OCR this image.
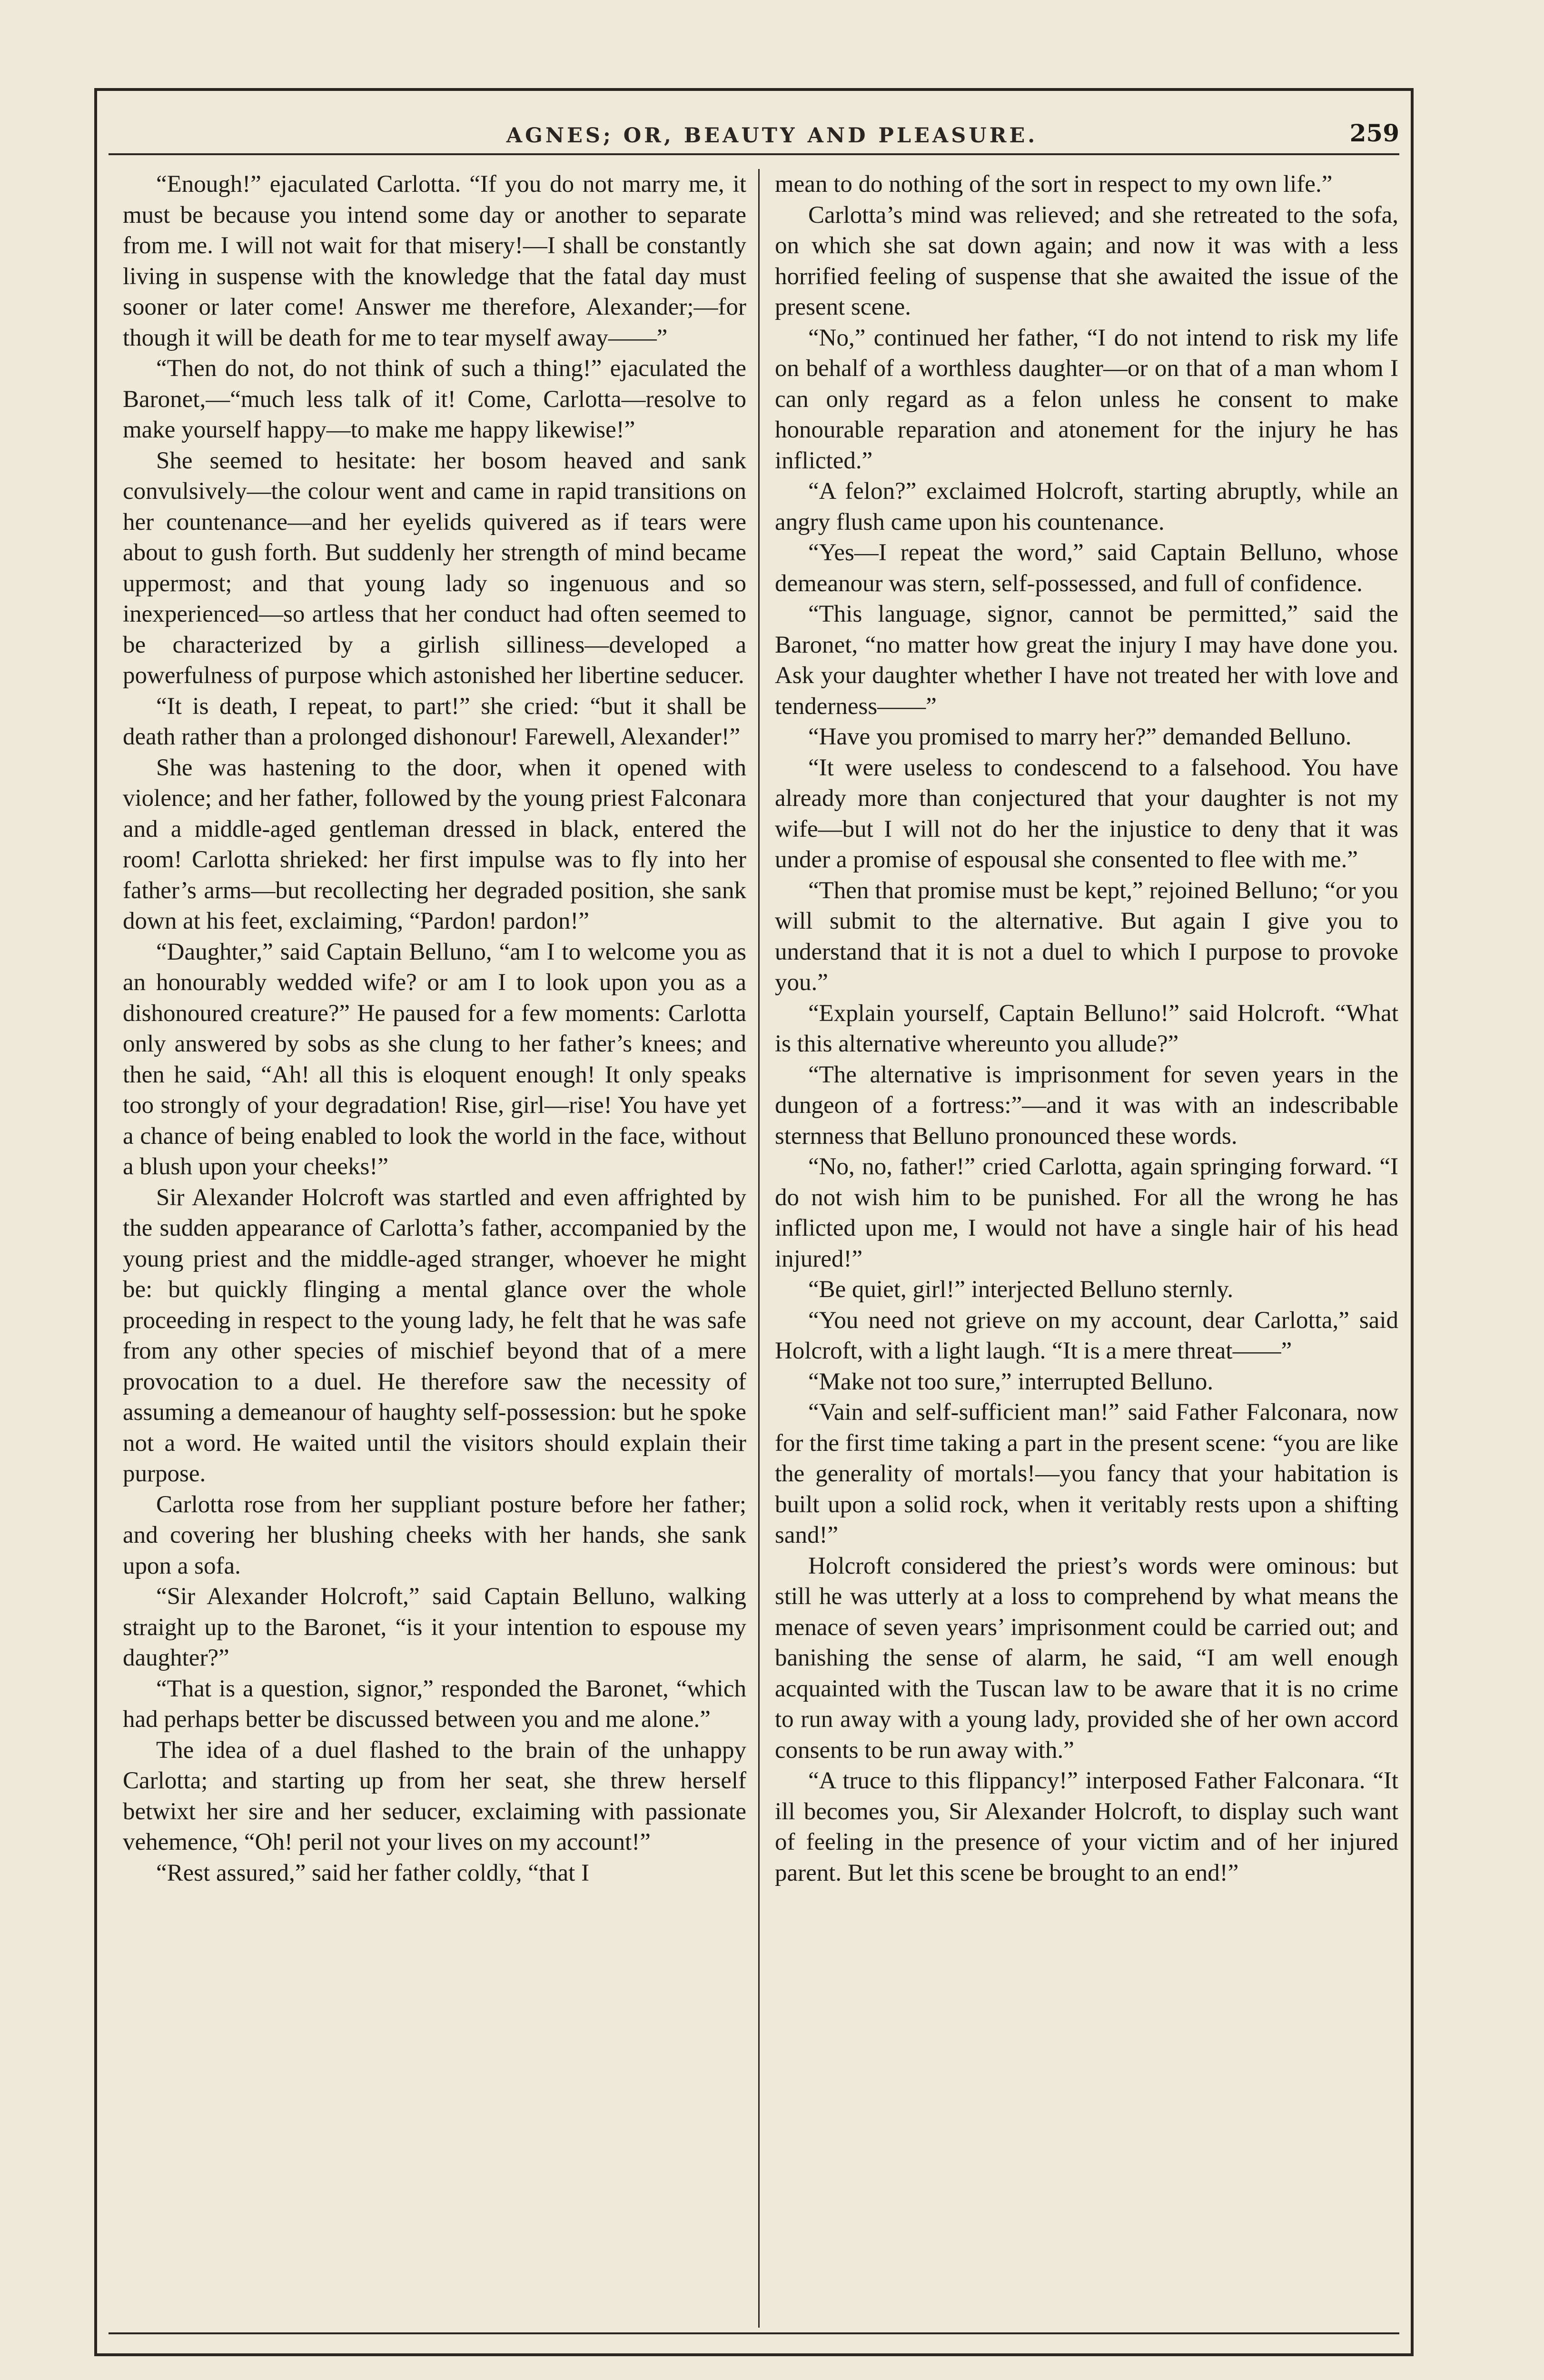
AGNES; OR, BEAUTY AND PLEASURE.	259

“Enough!” ejaculated Carlotta. “If you do not marry me, it must be because you intend some day or another to separate from me. I will not wait for that misery!—I shall be constantly living in suspense with the knowledge that the fatal day must sooner or later come! Answer me therefore, Alexander;—for though it will be death for me to tear myself away——”

“Then do not, do not think of such a thing!” ejaculated the Baronet,—“much less talk of it! Come, Carlotta—resolve to make yourself happy—to make me happy likewise!”

She seemed to hesitate: her bosom heaved and sank convulsively—the colour went and came in rapid transitions on her countenance—and her eyelids quivered as if tears were about to gush forth. But suddenly her strength of mind became uppermost; and that young lady so ingenuous and so inexperienced—so artless that her conduct had often seemed to be characterized by a girlish silliness—developed a powerfulness of purpose which astonished her libertine seducer.

“It is death, I repeat, to part!” she cried: “but it shall be death rather than a prolonged dishonour! Farewell, Alexander!”

She was hastening to the door, when it opened with violence; and her father, followed by the young priest Falconara and a middle-aged gentleman dressed in black, entered the room! Carlotta shrieked: her first impulse was to fly into her father’s arms—but recollecting her degraded position, she sank down at his feet, exclaiming, “Pardon! pardon!”

“Daughter,” said Captain Belluno, “am I to welcome you as an honourably wedded wife? or am I to look upon you as a dishonoured creature?” He paused for a few moments: Carlotta only answered by sobs as she clung to her father’s knees; and then he said, “Ah! all this is eloquent enough! It only speaks too strongly of your degradation! Rise, girl—rise! You have yet a chance of being enabled to look the world in the face, without a blush upon your cheeks!”

Sir Alexander Holcroft was startled and even affrighted by the sudden appearance of Carlotta’s father, accompanied by the young priest and the middle-aged stranger, whoever he might be: but quickly flinging a mental glance over the whole proceeding in respect to the young lady, he felt that he was safe from any other species of mischief beyond that of a mere provocation to a duel. He therefore saw the necessity of assuming a demeanour of haughty self-possession: but he spoke not a word. He waited until the visitors should explain their purpose.

Carlotta rose from her suppliant posture before her father; and covering her blushing cheeks with her hands, she sank upon a sofa.

“Sir Alexander Holcroft,” said Captain Belluno, walking straight up to the Baronet, “is it your intention to espouse my daughter?”

“That is a question, signor,” responded the Baronet, “which had perhaps better be discussed between you and me alone.”

The idea of a duel flashed to the brain of the unhappy Carlotta; and starting up from her seat, she threw herself betwixt her sire and her seducer, exclaiming with passionate vehemence, “Oh! peril not your lives on my account!”

“Rest assured,” said her father coldly, “that I

mean to do nothing of the sort in respect to my own life.”

Carlotta’s mind was relieved; and she retreated to the sofa, on which she sat down again; and now it was with a less horrified feeling of suspense that she awaited the issue of the present scene.

“No,” continued her father, “I do not intend to risk my life on behalf of a worthless daughter—or on that of a man whom I can only regard as a felon unless he consent to make honourable reparation and atonement for the injury he has inflicted.”

“A felon?” exclaimed Holcroft, starting abruptly, while an angry flush came upon his countenance.

“Yes—I repeat the word,” said Captain Belluno, whose demeanour was stern, self-possessed, and full of confidence.

“This language, signor, cannot be permitted,” said the Baronet, “no matter how great the injury I may have done you. Ask your daughter whether I have not treated her with love and tenderness——”

“Have you promised to marry her?” demanded Belluno.

“It were useless to condescend to a falsehood. You have already more than conjectured that your daughter is not my wife—but I will not do her the injustice to deny that it was under a promise of espousal she consented to flee with me.”

“Then that promise must be kept,” rejoined Belluno; “or you will submit to the alternative. But again I give you to understand that it is not a duel to which I purpose to provoke you.”

“Explain yourself, Captain Belluno!” said Holcroft. “What is this alternative whereunto you allude?”

“The alternative is imprisonment for seven years in the dungeon of a fortress:”—and it was with an indescribable sternness that Belluno pronounced these words.

“No, no, father!” cried Carlotta, again springing forward. “I do not wish him to be punished. For all the wrong he has inflicted upon me, I would not have a single hair of his head injured!”

“Be quiet, girl!” interjected Belluno sternly.

“You need not grieve on my account, dear Carlotta,” said Holcroft, with a light laugh. “It is a mere threat——”

“Make not too sure,” interrupted Belluno.

“Vain and self-sufficient man!” said Father Falconara, now for the first time taking a part in the present scene: “you are like the generality of mortals!—you fancy that your habitation is built upon a solid rock, when it veritably rests upon a shifting sand!”

Holcroft considered the priest’s words were ominous: but still he was utterly at a loss to comprehend by what means the menace of seven years’ imprisonment could be carried out; and banishing the sense of alarm, he said, “I am well enough acquainted with the Tuscan law to be aware that it is no crime to run away with a young lady, provided she of her own accord consents to be run away with.”

“A truce to this flippancy!” interposed Father Falconara. “It ill becomes you, Sir Alexander Holcroft, to display such want of feeling in the presence of your victim and of her injured parent. But let this scene be brought to an end!”
